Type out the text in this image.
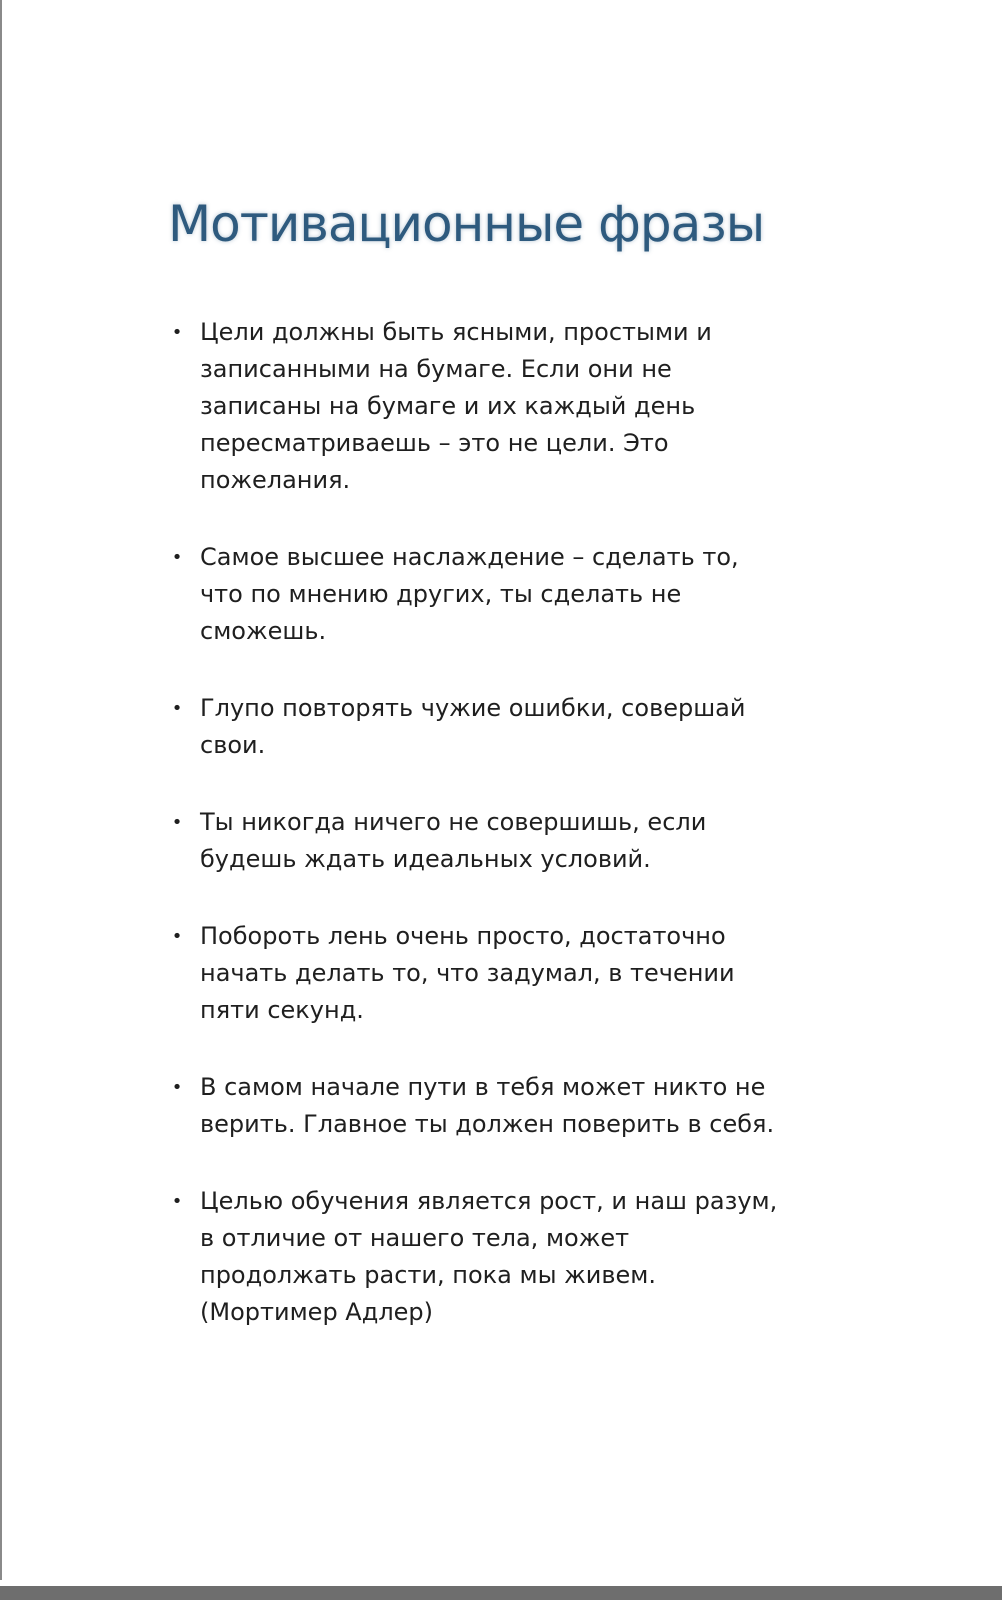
Мотивационные фразы
• Цели должны быть ясными, простыми и записанными на бумаге. Если они не записаны на бумаге и их каждый день пересматриваешь – это не цели. Это пожелания.
• Самое высшее наслаждение – сделать то, что по мнению других, ты сделать не сможешь.
• Глупо повторять чужие ошибки, совершай свои.
• Ты никогда ничего не совершишь, если будешь ждать идеальных условий.
• Побороть лень очень просто, достаточно начать делать то, что задумал, в течении пяти секунд.
• В самом начале пути в тебя может никто не верить. Главное ты должен поверить в себя.
• Целью обучения является рост, и наш разум, в отличие от нашего тела, может продолжать расти, пока мы живем. (Мортимер Адлер)
